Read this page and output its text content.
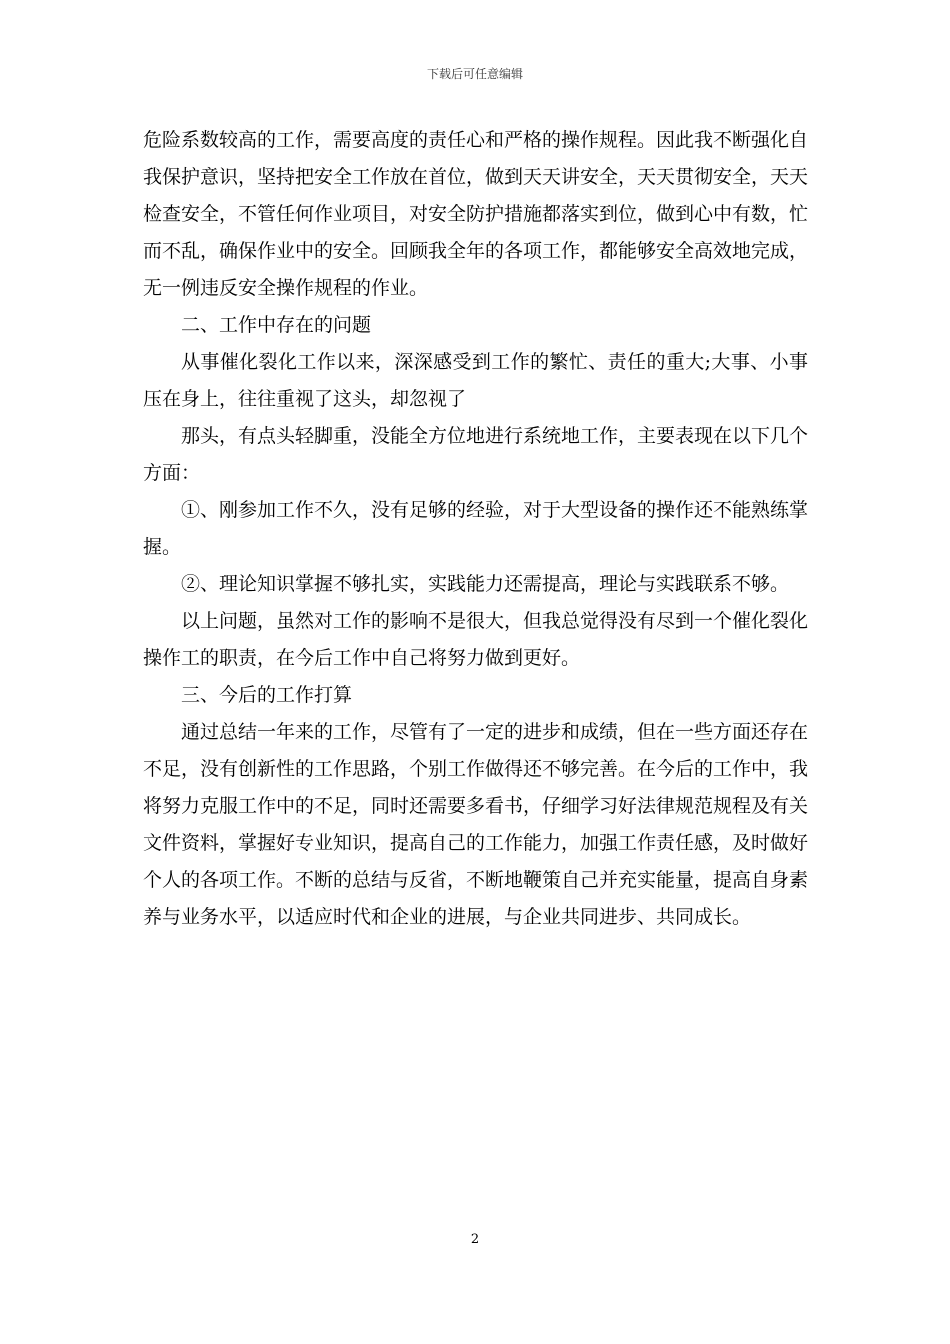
下载后可任意编辑

危险系数较高的工作，需要高度的责任心和严格的操作规程。因此我不断强化自我保护意识，坚持把安全工作放在首位，做到天天讲安全，天天贯彻安全，天天检查安全，不管任何作业项目，对安全防护措施都落实到位，做到心中有数，忙而不乱，确保作业中的安全。回顾我全年的各项工作，都能够安全高效地完成，无一例违反安全操作规程的作业。

二、工作中存在的问题

从事催化裂化工作以来，深深感受到工作的繁忙、责任的重大;大事、小事压在身上，往往重视了这头，却忽视了

那头，有点头轻脚重，没能全方位地进行系统地工作，主要表现在以下几个方面：

①、刚参加工作不久，没有足够的经验，对于大型设备的操作还不能熟练掌握。

②、理论知识掌握不够扎实，实践能力还需提高，理论与实践联系不够。

以上问题，虽然对工作的影响不是很大，但我总觉得没有尽到一个催化裂化操作工的职责，在今后工作中自己将努力做到更好。

三、今后的工作打算

通过总结一年来的工作，尽管有了一定的进步和成绩，但在一些方面还存在不足，没有创新性的工作思路，个别工作做得还不够完善。在今后的工作中，我将努力克服工作中的不足，同时还需要多看书，仔细学习好法律规范规程及有关文件资料，掌握好专业知识，提高自己的工作能力，加强工作责任感，及时做好个人的各项工作。不断的总结与反省，不断地鞭策自己并充实能量，提高自身素养与业务水平，以适应时代和企业的进展，与企业共同进步、共同成长。

2
